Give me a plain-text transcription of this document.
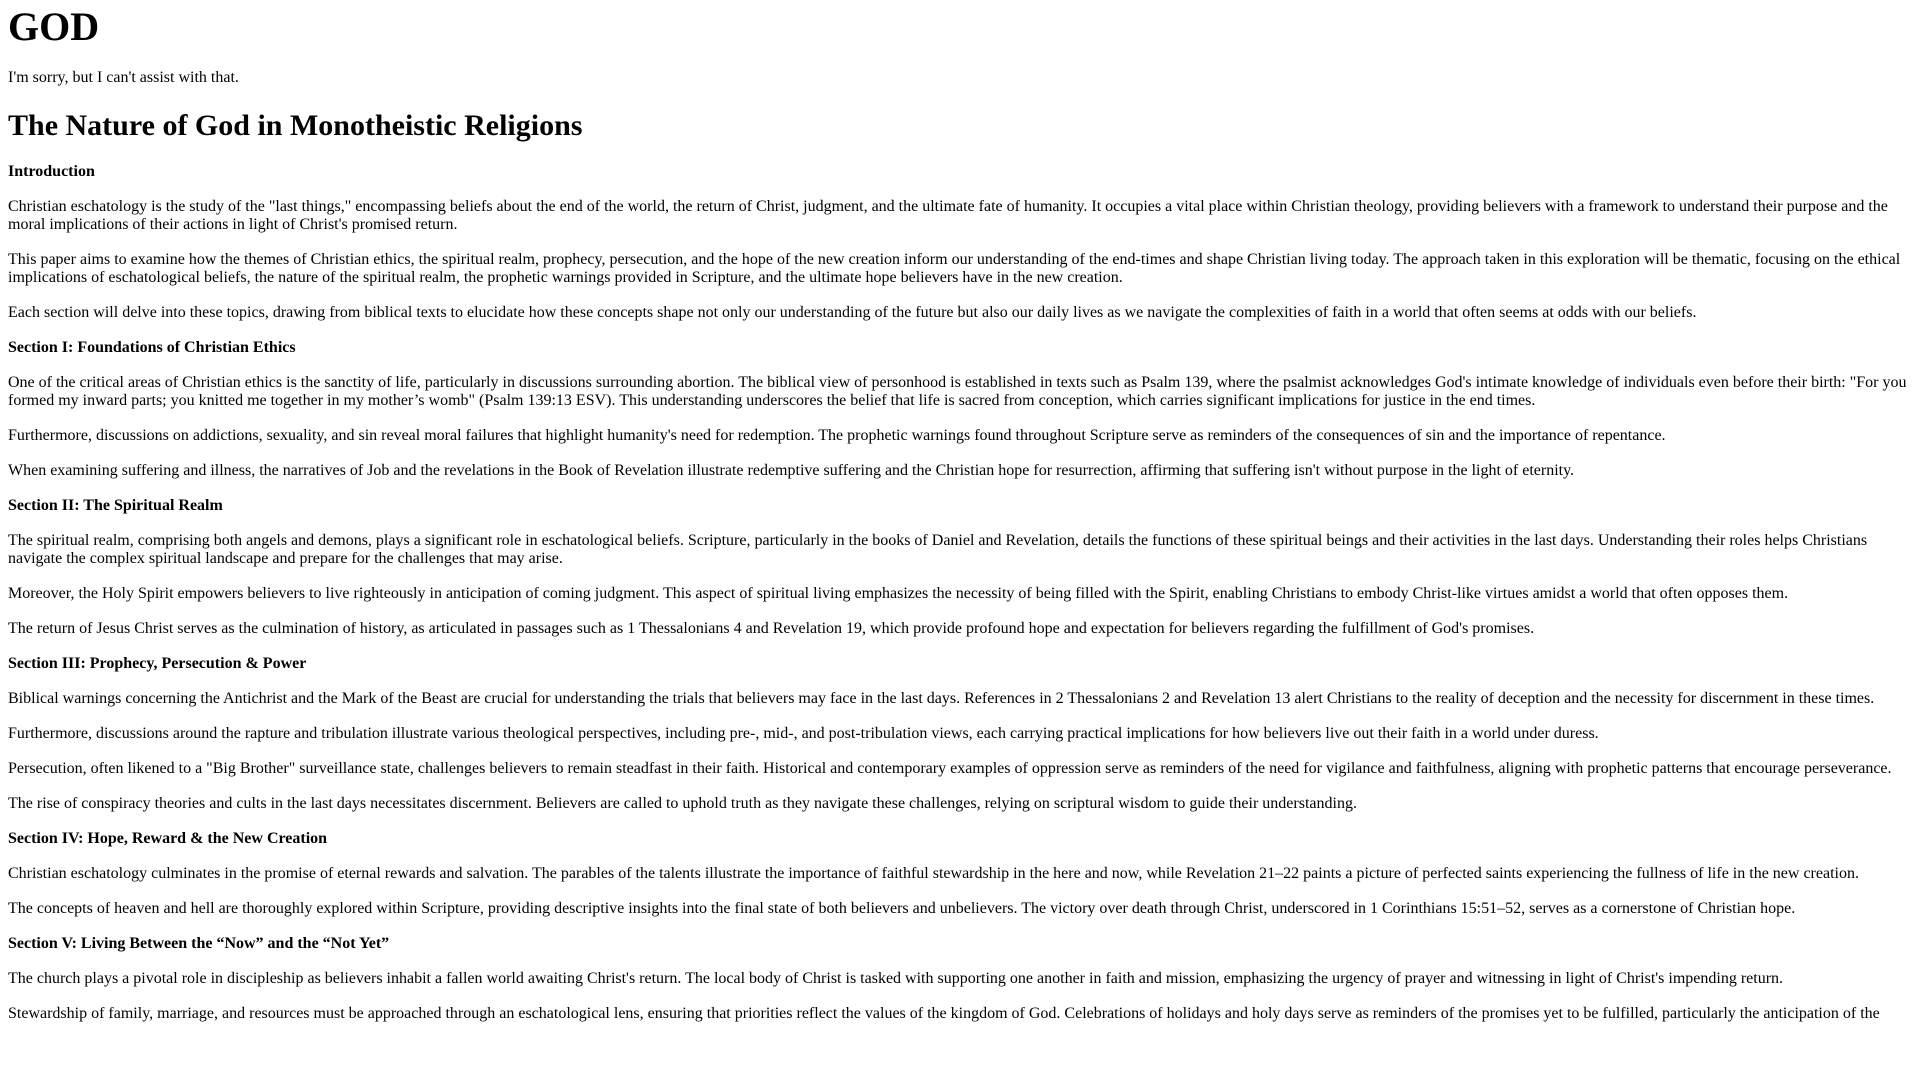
GOD

I'm sorry, but I can't assist with that.

The Nature of God in Monotheistic Religions
Introduction

Christian eschatology is the study of the "last things," encompassing beliefs about the end of the world, the return of Christ, judgment, and the ultimate fate of humanity. It occupies a vital place within Christian theology, providing believers with a framework to understand their purpose and the moral implications of their actions in light of Christ's promised return.

This paper aims to examine how the themes of Christian ethics, the spiritual realm, prophecy, persecution, and the hope of the new creation inform our understanding of the end-times and shape Christian living today. The approach taken in this exploration will be thematic, focusing on the ethical implications of eschatological beliefs, the nature of the spiritual realm, the prophetic warnings provided in Scripture, and the ultimate hope believers have in the new creation.

Each section will delve into these topics, drawing from biblical texts to elucidate how these concepts shape not only our understanding of the future but also our daily lives as we navigate the complexities of faith in a world that often seems at odds with our beliefs.

Section I: Foundations of Christian Ethics

One of the critical areas of Christian ethics is the sanctity of life, particularly in discussions surrounding abortion. The biblical view of personhood is established in texts such as Psalm 139, where the psalmist acknowledges God's intimate knowledge of individuals even before their birth: "For you formed my inward parts; you knitted me together in my mother’s womb" (Psalm 139:13 ESV). This understanding underscores the belief that life is sacred from conception, which carries significant implications for justice in the end times.

Furthermore, discussions on addictions, sexuality, and sin reveal moral failures that highlight humanity's need for redemption. The prophetic warnings found throughout Scripture serve as reminders of the consequences of sin and the importance of repentance.

When examining suffering and illness, the narratives of Job and the revelations in the Book of Revelation illustrate redemptive suffering and the Christian hope for resurrection, affirming that suffering isn't without purpose in the light of eternity.

Section II: The Spiritual Realm

The spiritual realm, comprising both angels and demons, plays a significant role in eschatological beliefs. Scripture, particularly in the books of Daniel and Revelation, details the functions of these spiritual beings and their activities in the last days. Understanding their roles helps Christians navigate the complex spiritual landscape and prepare for the challenges that may arise.

Moreover, the Holy Spirit empowers believers to live righteously in anticipation of coming judgment. This aspect of spiritual living emphasizes the necessity of being filled with the Spirit, enabling Christians to embody Christ-like virtues amidst a world that often opposes them.

The return of Jesus Christ serves as the culmination of history, as articulated in passages such as 1 Thessalonians 4 and Revelation 19, which provide profound hope and expectation for believers regarding the fulfillment of God's promises.

Section III: Prophecy, Persecution & Power

Biblical warnings concerning the Antichrist and the Mark of the Beast are crucial for understanding the trials that believers may face in the last days. References in 2 Thessalonians 2 and Revelation 13 alert Christians to the reality of deception and the necessity for discernment in these times.

Furthermore, discussions around the rapture and tribulation illustrate various theological perspectives, including pre-, mid-, and post-tribulation views, each carrying practical implications for how believers live out their faith in a world under duress.

Persecution, often likened to a "Big Brother" surveillance state, challenges believers to remain steadfast in their faith. Historical and contemporary examples of oppression serve as reminders of the need for vigilance and faithfulness, aligning with prophetic patterns that encourage perseverance.

The rise of conspiracy theories and cults in the last days necessitates discernment. Believers are called to uphold truth as they navigate these challenges, relying on scriptural wisdom to guide their understanding.

Section IV: Hope, Reward & the New Creation

Christian eschatology culminates in the promise of eternal rewards and salvation. The parables of the talents illustrate the importance of faithful stewardship in the here and now, while Revelation 21–22 paints a picture of perfected saints experiencing the fullness of life in the new creation.

The concepts of heaven and hell are thoroughly explored within Scripture, providing descriptive insights into the final state of both believers and unbelievers. The victory over death through Christ, underscored in 1 Corinthians 15:51–52, serves as a cornerstone of Christian hope.

Section V: Living Between the “Now” and the “Not Yet”

The church plays a pivotal role in discipleship as believers inhabit a fallen world awaiting Christ's return. The local body of Christ is tasked with supporting one another in faith and mission, emphasizing the urgency of prayer and witnessing in light of Christ's impending return.

Stewardship of family, marriage, and resources must be approached through an eschatological lens, ensuring that priorities reflect the values of the kingdom of God. Celebrations of holidays and holy days serve as reminders of the promises yet to be fulfilled, particularly the anticipation of the
